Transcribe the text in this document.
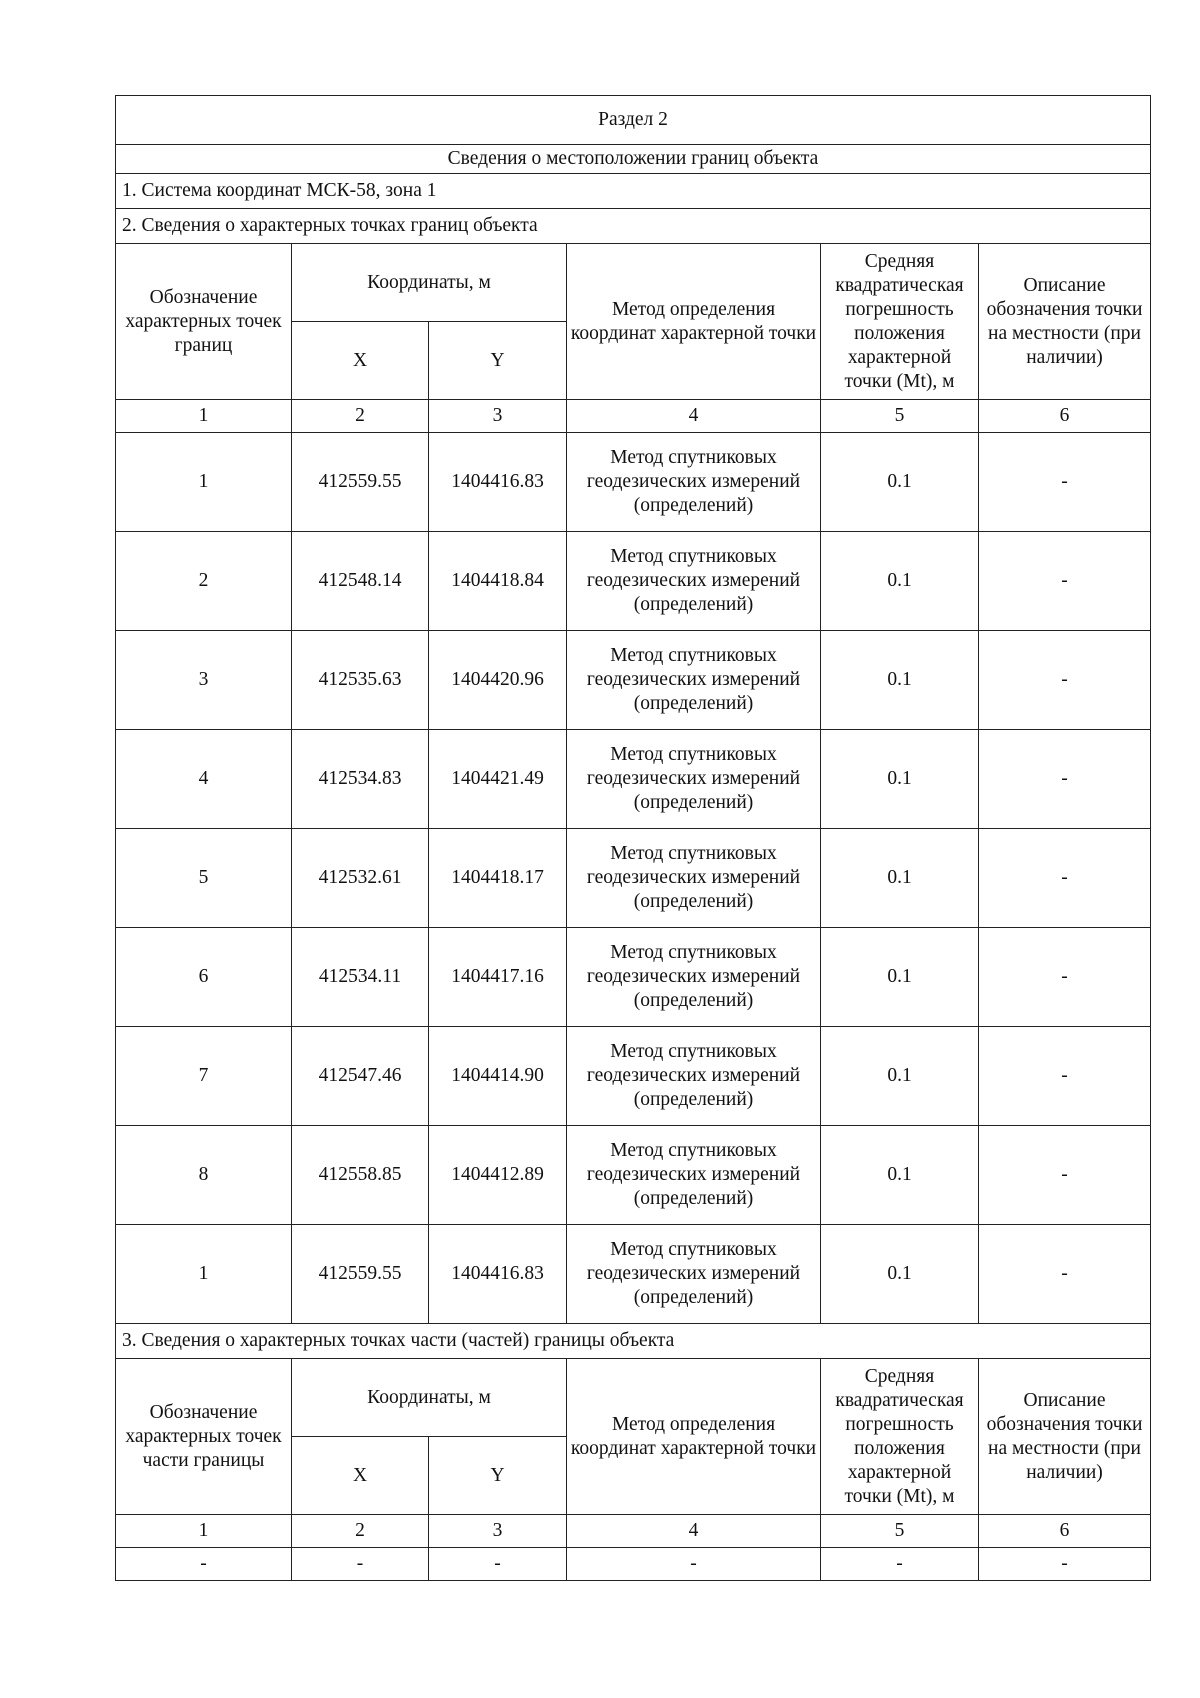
Раздел 2					
Сведения о местоположении границ объекта					
1. Система координат МСК-58, зона 1					
2. Сведения о характерных точках границ объекта					
Обозначение характерных точек границ	Координаты, м		Метод определения координат характерной точки	Средняя квадратическая погрешность положения характерной точки (Mt), м	Описание обозначения точки на местности (при наличии)
	X	Y			
1	2	3	4	5	6
1	412559.55	1404416.83	Метод спутниковых геодезических измерений (определений)	0.1	-
2	412548.14	1404418.84	Метод спутниковых геодезических измерений (определений)	0.1	-
3	412535.63	1404420.96	Метод спутниковых геодезических измерений (определений)	0.1	-
4	412534.83	1404421.49	Метод спутниковых геодезических измерений (определений)	0.1	-
5	412532.61	1404418.17	Метод спутниковых геодезических измерений (определений)	0.1	-
6	412534.11	1404417.16	Метод спутниковых геодезических измерений (определений)	0.1	-
7	412547.46	1404414.90	Метод спутниковых геодезических измерений (определений)	0.1	-
8	412558.85	1404412.89	Метод спутниковых геодезических измерений (определений)	0.1	-
1	412559.55	1404416.83	Метод спутниковых геодезических измерений (определений)	0.1	-
3. Сведения о характерных точках части (частей) границы объекта					
Обозначение характерных точек части границы	Координаты, м		Метод определения координат характерной точки	Средняя квадратическая погрешность положения характерной точки (Mt), м	Описание обозначения точки на местности (при наличии)
	X	Y			
1	2	3	4	5	6
-	-	-	-	-	-
